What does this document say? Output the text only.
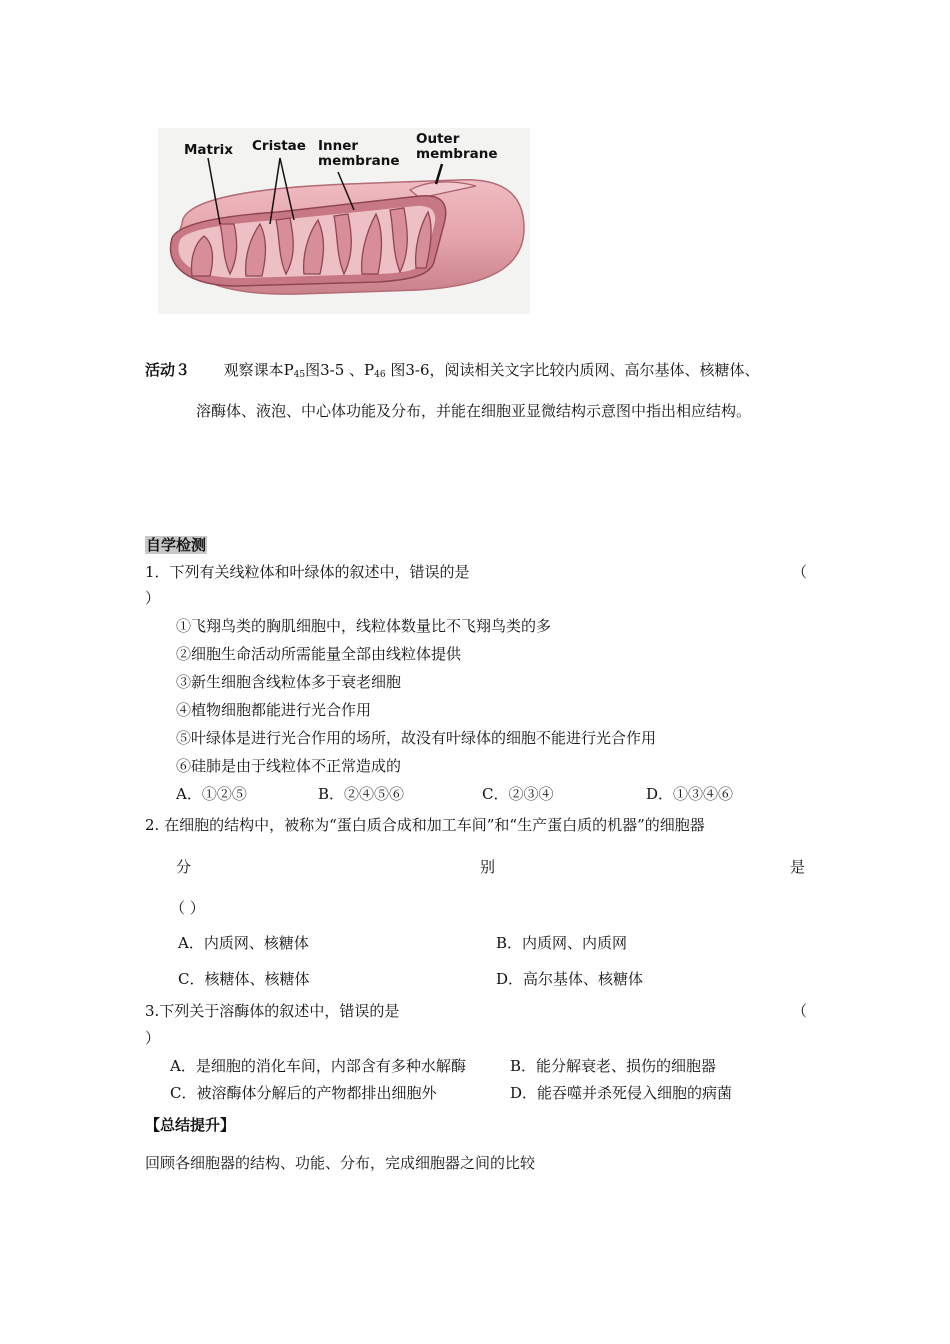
Matrix Cristae Inner
membrane
Outer
membrane
活动３ 观察课本$P_{45}$图3-5 、$P_{46}$ 图3-6，阅读相关文字比较内质网、高尔基体、核糖体、
溶酶体、液泡、中心体功能及分布，并能在细胞亚显微结构示意图中指出相应结构。
自学检测
1．下列有关线粒体和叶绿体的叙述中，错误的是	（
）
①飞翔鸟类的胸肌细胞中，线粒体数量比不飞翔鸟类的多
②细胞生命活动所需能量全部由线粒体提供
③新生细胞含线粒体多于衰老细胞
④植物细胞都能进行光合作用
⑤叶绿体是进行光合作用的场所，故没有叶绿体的细胞不能进行光合作用
⑥硅肺是由于线粒体不正常造成的
A．①②⑤	B．②④⑤⑥	C．②③④	D．①③④⑥
2. 在细胞的结构中，被称为“蛋白质合成和加工车间”和“生产蛋白质的机器”的细胞器
分	别	是
（ ）
A．内质网、核糖体	B．内质网、内质网
C．核糖体、核糖体	D．高尔基体、核糖体
3.下列关于溶酶体的叙述中，错误的是	（
）
A．是细胞的消化车间，内部含有多种水解酶	B．能分解衰老、损伤的细胞器
C．被溶酶体分解后的产物都排出细胞外	D．能吞噬并杀死侵入细胞的病菌
【总结提升】
回顾各细胞器的结构、功能、分布，完成细胞器之间的比较
